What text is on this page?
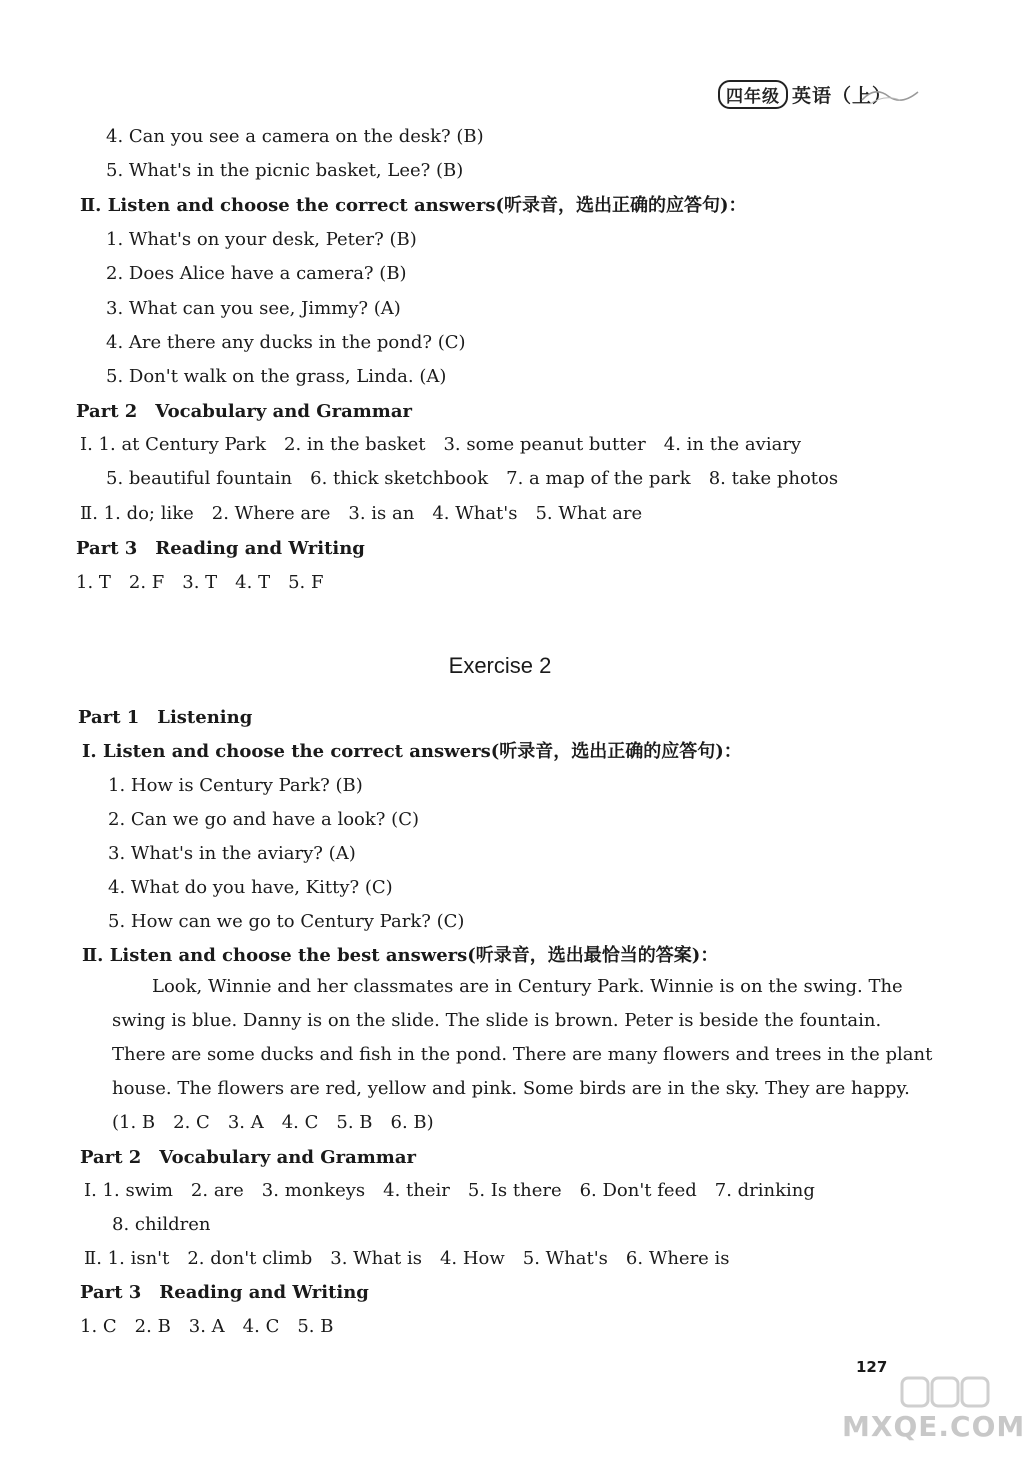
四年级 英语（上）
4. Can you see a camera on the desk? (B)
5. What's in the picnic basket, Lee? (B)
Ⅱ. Listen and choose the correct answers(听录音，选出正确的应答句)：
1. What's on your desk, Peter? (B)
2. Does Alice have a camera? (B)
3. What can you see, Jimmy? (A)
4. Are there any ducks in the pond? (C)
5. Don't walk on the grass, Linda. (A)
Part 2　Vocabulary and Grammar
Ⅰ. 1. at Century Park　2. in the basket　3. some peanut butter　4. in the aviary
5. beautiful fountain　6. thick sketchbook　7. a map of the park　8. take photos
Ⅱ. 1. do; like　2. Where are　3. is an　4. What's　5. What are
Part 3　Reading and Writing
1. T　2. F　3. T　4. T　5. F
Exercise 2
Part 1　Listening
Ⅰ. Listen and choose the correct answers(听录音，选出正确的应答句)：
1. How is Century Park? (B)
2. Can we go and have a look? (C)
3. What's in the aviary? (A)
4. What do you have, Kitty? (C)
5. How can we go to Century Park? (C)
Ⅱ. Listen and choose the best answers(听录音，选出最恰当的答案)：
Look, Winnie and her classmates are in Century Park. Winnie is on the swing. The
swing is blue. Danny is on the slide. The slide is brown. Peter is beside the fountain.
There are some ducks and fish in the pond. There are many flowers and trees in the plant
house. The flowers are red, yellow and pink. Some birds are in the sky. They are happy.
(1. B　2. C　3. A　4. C　5. B　6. B)
Part 2　Vocabulary and Grammar
Ⅰ. 1. swim　2. are　3. monkeys　4. their　5. Is there　6. Don't feed　7. drinking
8. children
Ⅱ. 1. isn't　2. don't climb　3. What is　4. How　5. What's　6. Where is
Part 3　Reading and Writing
1. C　2. B　3. A　4. C　5. B
127
MXQE.COM
